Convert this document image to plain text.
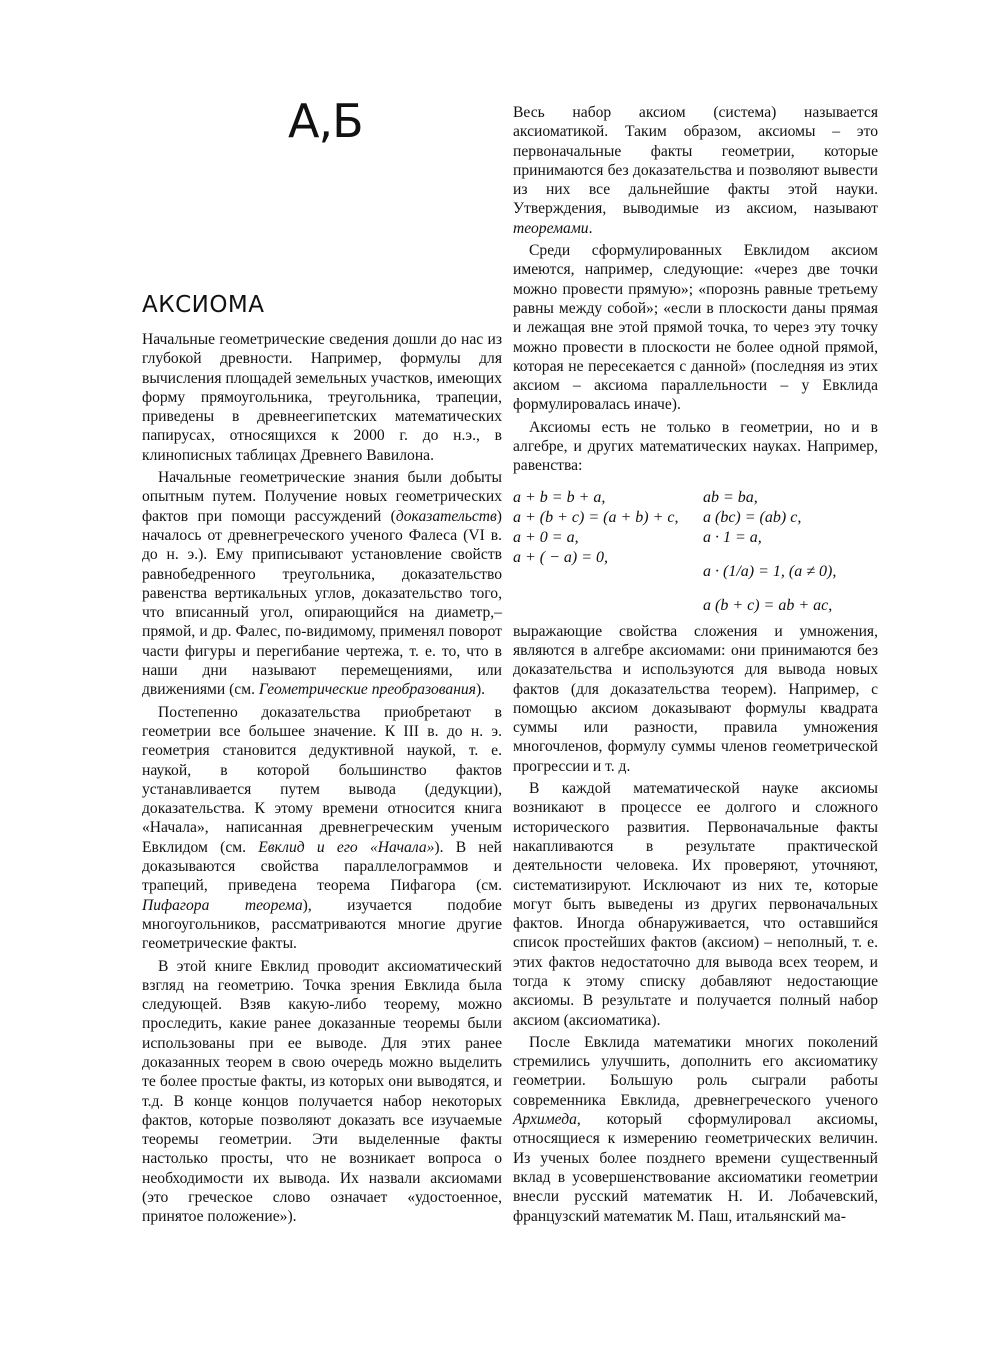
А,Б
АКСИОМА

Начальные геометрические сведения дошли до нас из глубокой древности. Например, формулы для вычисления площадей земельных участков, имеющих форму прямоугольника, треугольника, трапеции, приведены в древнеегипетских математических папирусах, относящихся к 2000 г. до н.э., в клинописных таблицах Древнего Вавилона.

Начальные геометрические знания были добыты опытным путем. Получение новых геометрических фактов при помощи рассуждений (доказательств) началось от древнегреческого ученого Фалеса (VI в. до н. э.). Ему приписывают установление свойств равнобедренного треугольника, доказательство равенства вертикальных углов, доказательство того, что вписанный угол, опирающийся на диаметр,– прямой, и др. Фалес, по-видимому, применял поворот части фигуры и перегибание чертежа, т. е. то, что в наши дни называют перемещениями, или движениями (см. Геометрические преобразования).

Постепенно доказательства приобретают в геометрии все большее значение. К III в. до н. э. геометрия становится дедуктивной наукой, т. е. наукой, в которой большинство фактов устанавливается путем вывода (дедукции), доказательства. К этому времени относится книга «Начала», написанная древнегреческим ученым Евклидом (см. Евклид и его «Начала»). В ней доказываются свойства параллелограммов и трапеций, приведена теорема Пифагора (см. Пифагора теорема), изучается подобие многоугольников, рассматриваются многие другие геометрические факты.

В этой книге Евклид проводит аксиоматический взгляд на геометрию. Точка зрения Евклида была следующей. Взяв какую-либо теорему, можно проследить, какие ранее доказанные теоремы были использованы при ее выводе. Для этих ранее доказанных теорем в свою очередь можно выделить те более простые факты, из которых они выводятся, и т.д. В конце концов получается набор некоторых фактов, которые позволяют доказать все изучаемые теоремы геометрии. Эти выделенные факты настолько просты, что не возникает вопроса о необходимости их вывода. Их назвали аксиомами (это греческое слово означает «удостоенное, принятое положение»).

Весь набор аксиом (система) называется аксиоматикой. Таким образом, аксиомы – это первоначальные факты геометрии, которые принимаются без доказательства и позволяют вывести из них все дальнейшие факты этой науки. Утверждения, выводимые из аксиом, называют теоремами.

Среди сформулированных Евклидом аксиом имеются, например, следующие: «через две точки можно провести прямую»; «порознь равные третьему равны между собой»; «если в плоскости даны прямая и лежащая вне этой прямой точка, то через эту точку можно провести в плоскости не более одной прямой, которая не пересекается с данной» (последняя из этих аксиом – аксиома параллельности – у Евклида формулировалась иначе).

Аксиомы есть не только в геометрии, но и в алгебре, и других математических науках. Например, равенства:

a + b = b + a,
a + (b + c) = (a + b) + c,
a + 0 = a,
a + ( − a) = 0,
ab = ba,
a (bc) = (ab) c,
a · 1 = a,
a · (1/a) = 1, (a ≠ 0),
a (b + c) = ab + ac,

выражающие свойства сложения и умножения, являются в алгебре аксиомами: они принимаются без доказательства и используются для вывода новых фактов (для доказательства теорем). Например, с помощью аксиом доказывают формулы квадрата суммы или разности, правила умножения многочленов, формулу суммы членов геометрической прогрессии и т. д.

В каждой математической науке аксиомы возникают в процессе ее долгого и сложного исторического развития. Первоначальные факты накапливаются в результате практической деятельности человека. Их проверяют, уточняют, систематизируют. Исключают из них те, которые могут быть выведены из других первоначальных фактов. Иногда обнаруживается, что оставшийся список простейших фактов (аксиом) – неполный, т. е. этих фактов недостаточно для вывода всех теорем, и тогда к этому списку добавляют недостающие аксиомы. В результате и получается полный набор аксиом (аксиоматика).

После Евклида математики многих поколений стремились улучшить, дополнить его аксиоматику геометрии. Большую роль сыграли работы современника Евклида, древнегреческого ученого Архимеда, который сформулировал аксиомы, относящиеся к измерению геометрических величин. Из ученых более позднего времени существенный вклад в усовершенствование аксиоматики геометрии внесли русский математик Н. И. Лобачевский, французский математик М. Паш, итальянский ма-
